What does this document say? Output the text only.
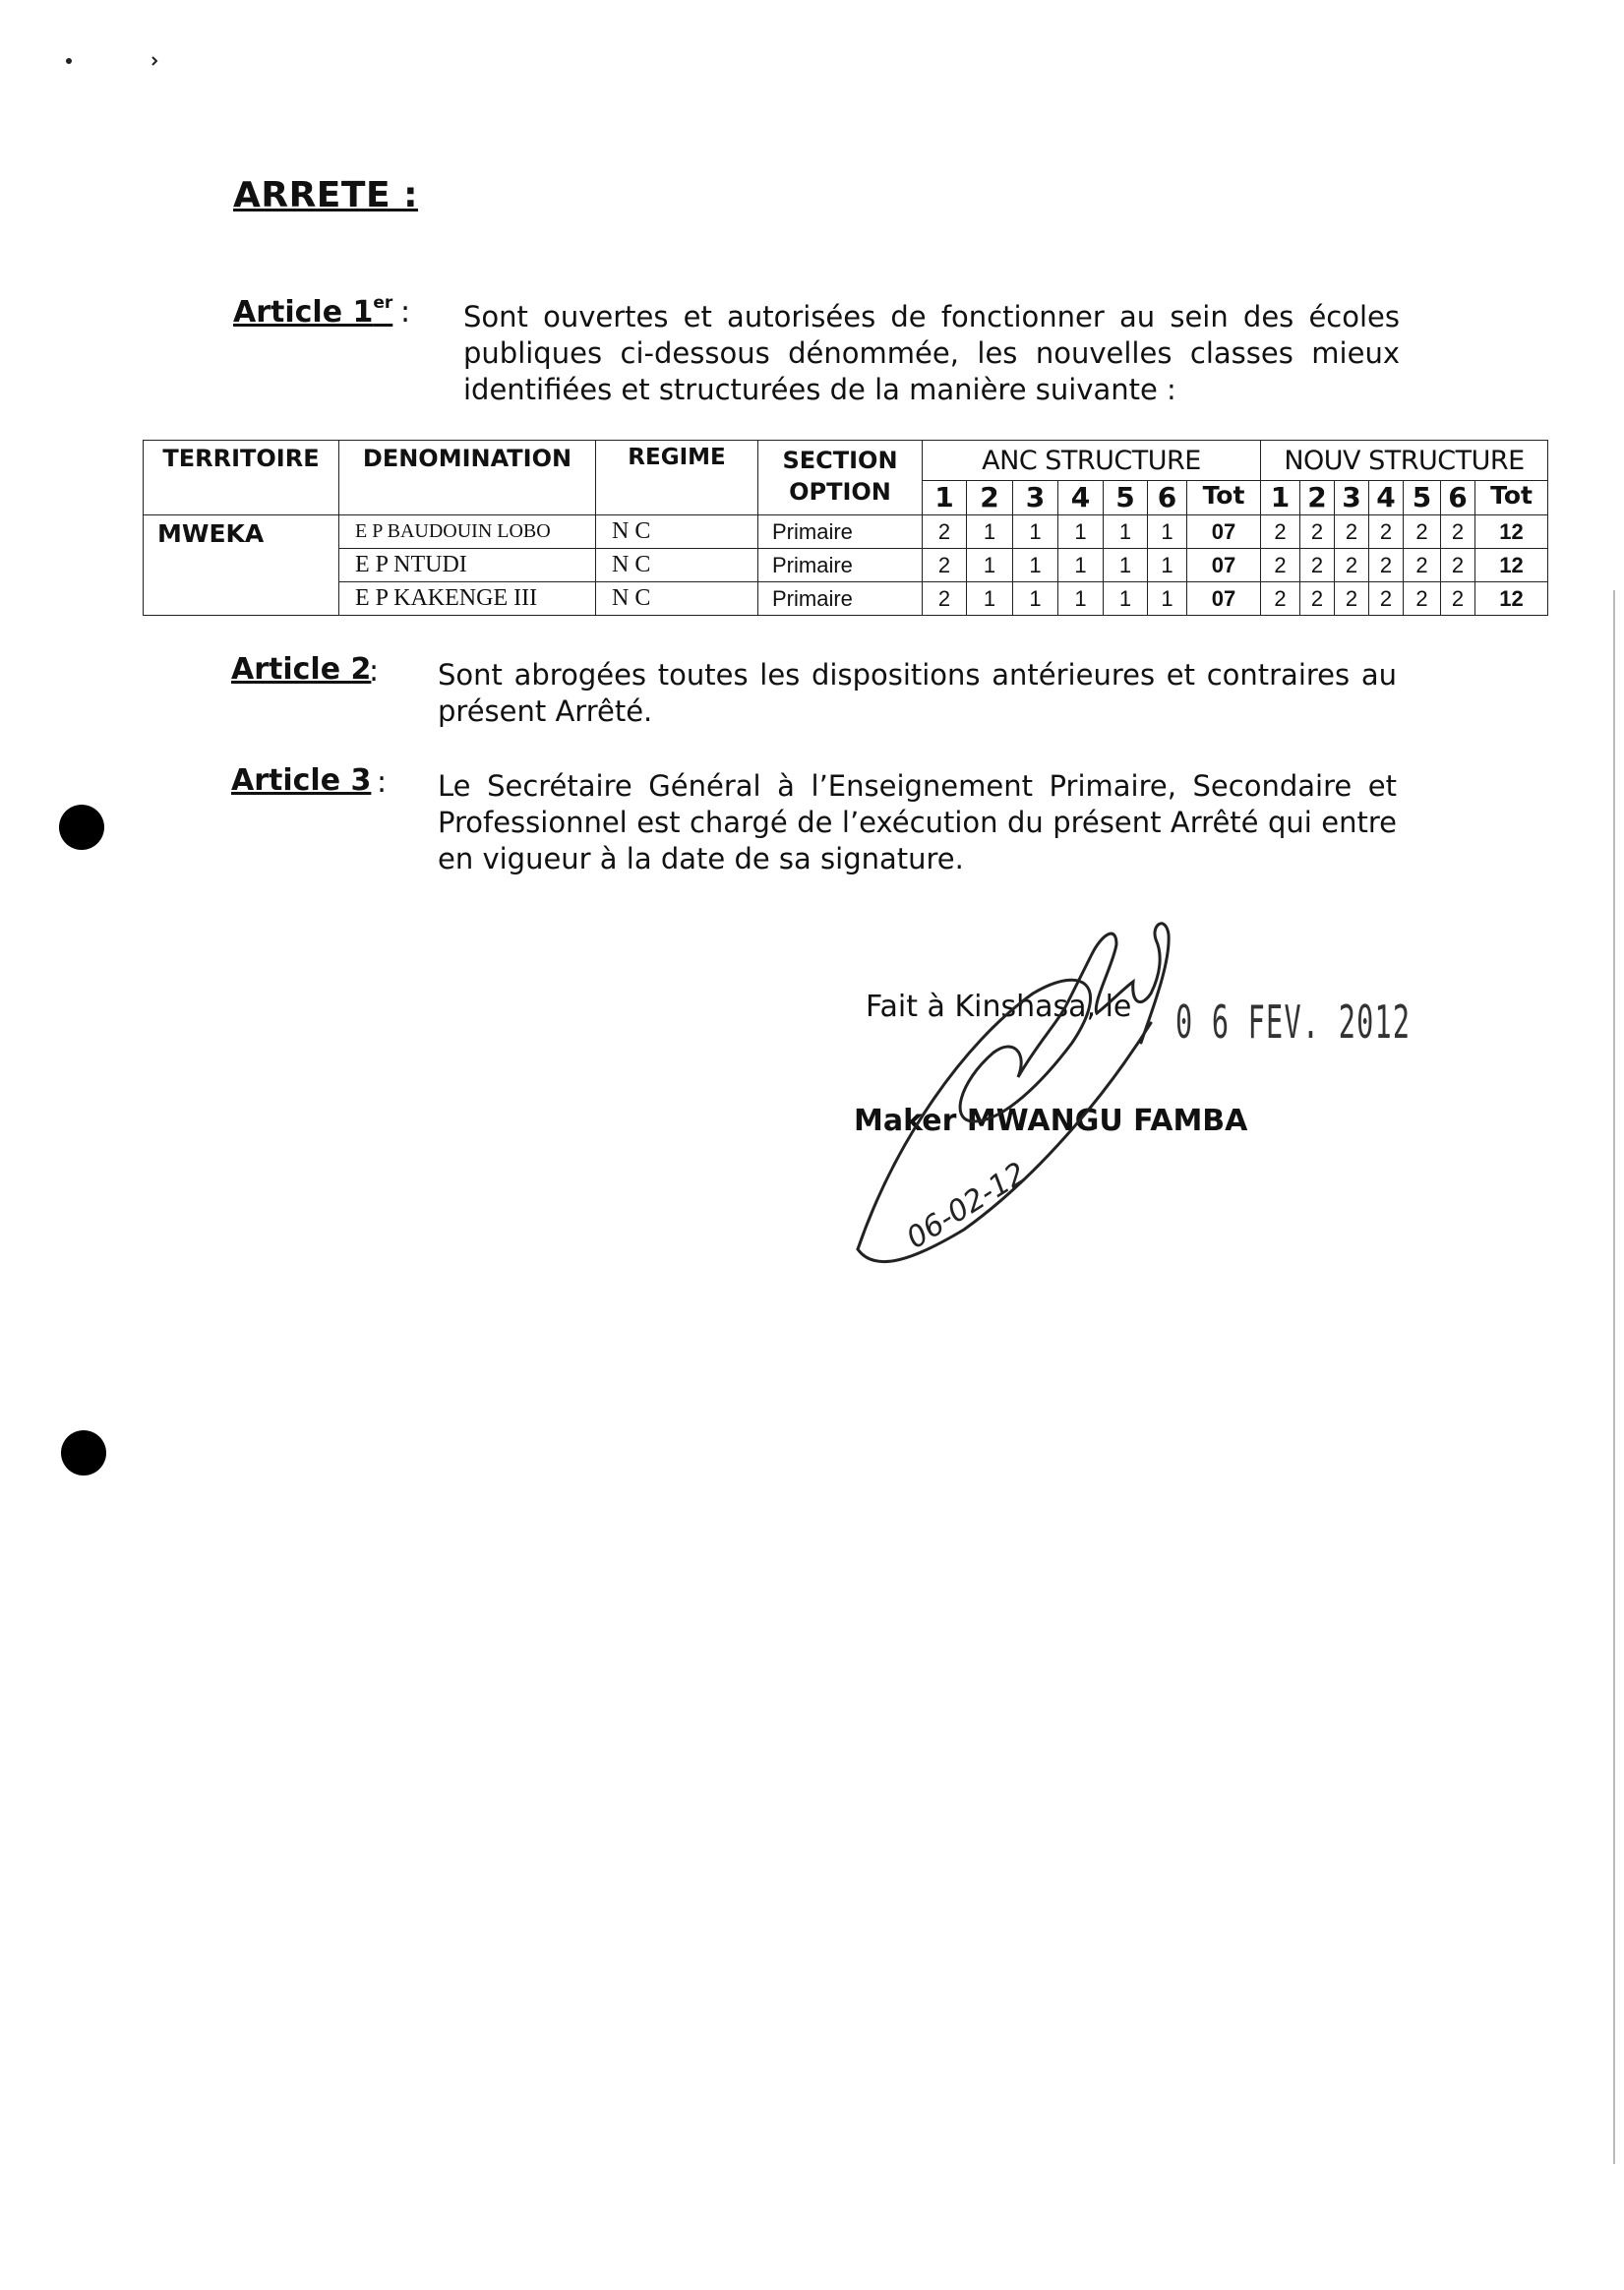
ARRETE :
Article 1er : Sont ouvertes et autorisées de fonctionner au sein des écoles publiques ci-dessous dénommée, les nouvelles classes mieux identifiées et structurées de la manière suivante :
TERRITOIRE	DENOMINATION	REGIME	SECTION
OPTION	ANC STRUCTURE							NOUV STRUCTURE						
				1	2	3	4	5	6	Tot	1	2	3	4	5	6	Tot
MWEKA	E P BAUDOUIN LOBO	N C	Primaire	2	1	1	1	1	1	07	2	2	2	2	2	2	12
	E P NTUDI	N C	Primaire	2	1	1	1	1	1	07	2	2	2	2	2	2	12
	E P KAKENGE III	N C	Primaire	2	1	1	1	1	1	07	2	2	2	2	2	2	12
Article 2
: Sont abrogées toutes les dispositions antérieures et contraires au présent Arrêté.
Article 3 : Le Secrétaire Général à l’Enseignement Primaire, Secondaire et Professionnel est chargé de l’exécution du présent Arrêté qui entre en vigueur à la date de sa signature.
Fait à Kinshasa, le 0 6 FEV. 2012
Maker MWANGU FAMBA
06-02-12
